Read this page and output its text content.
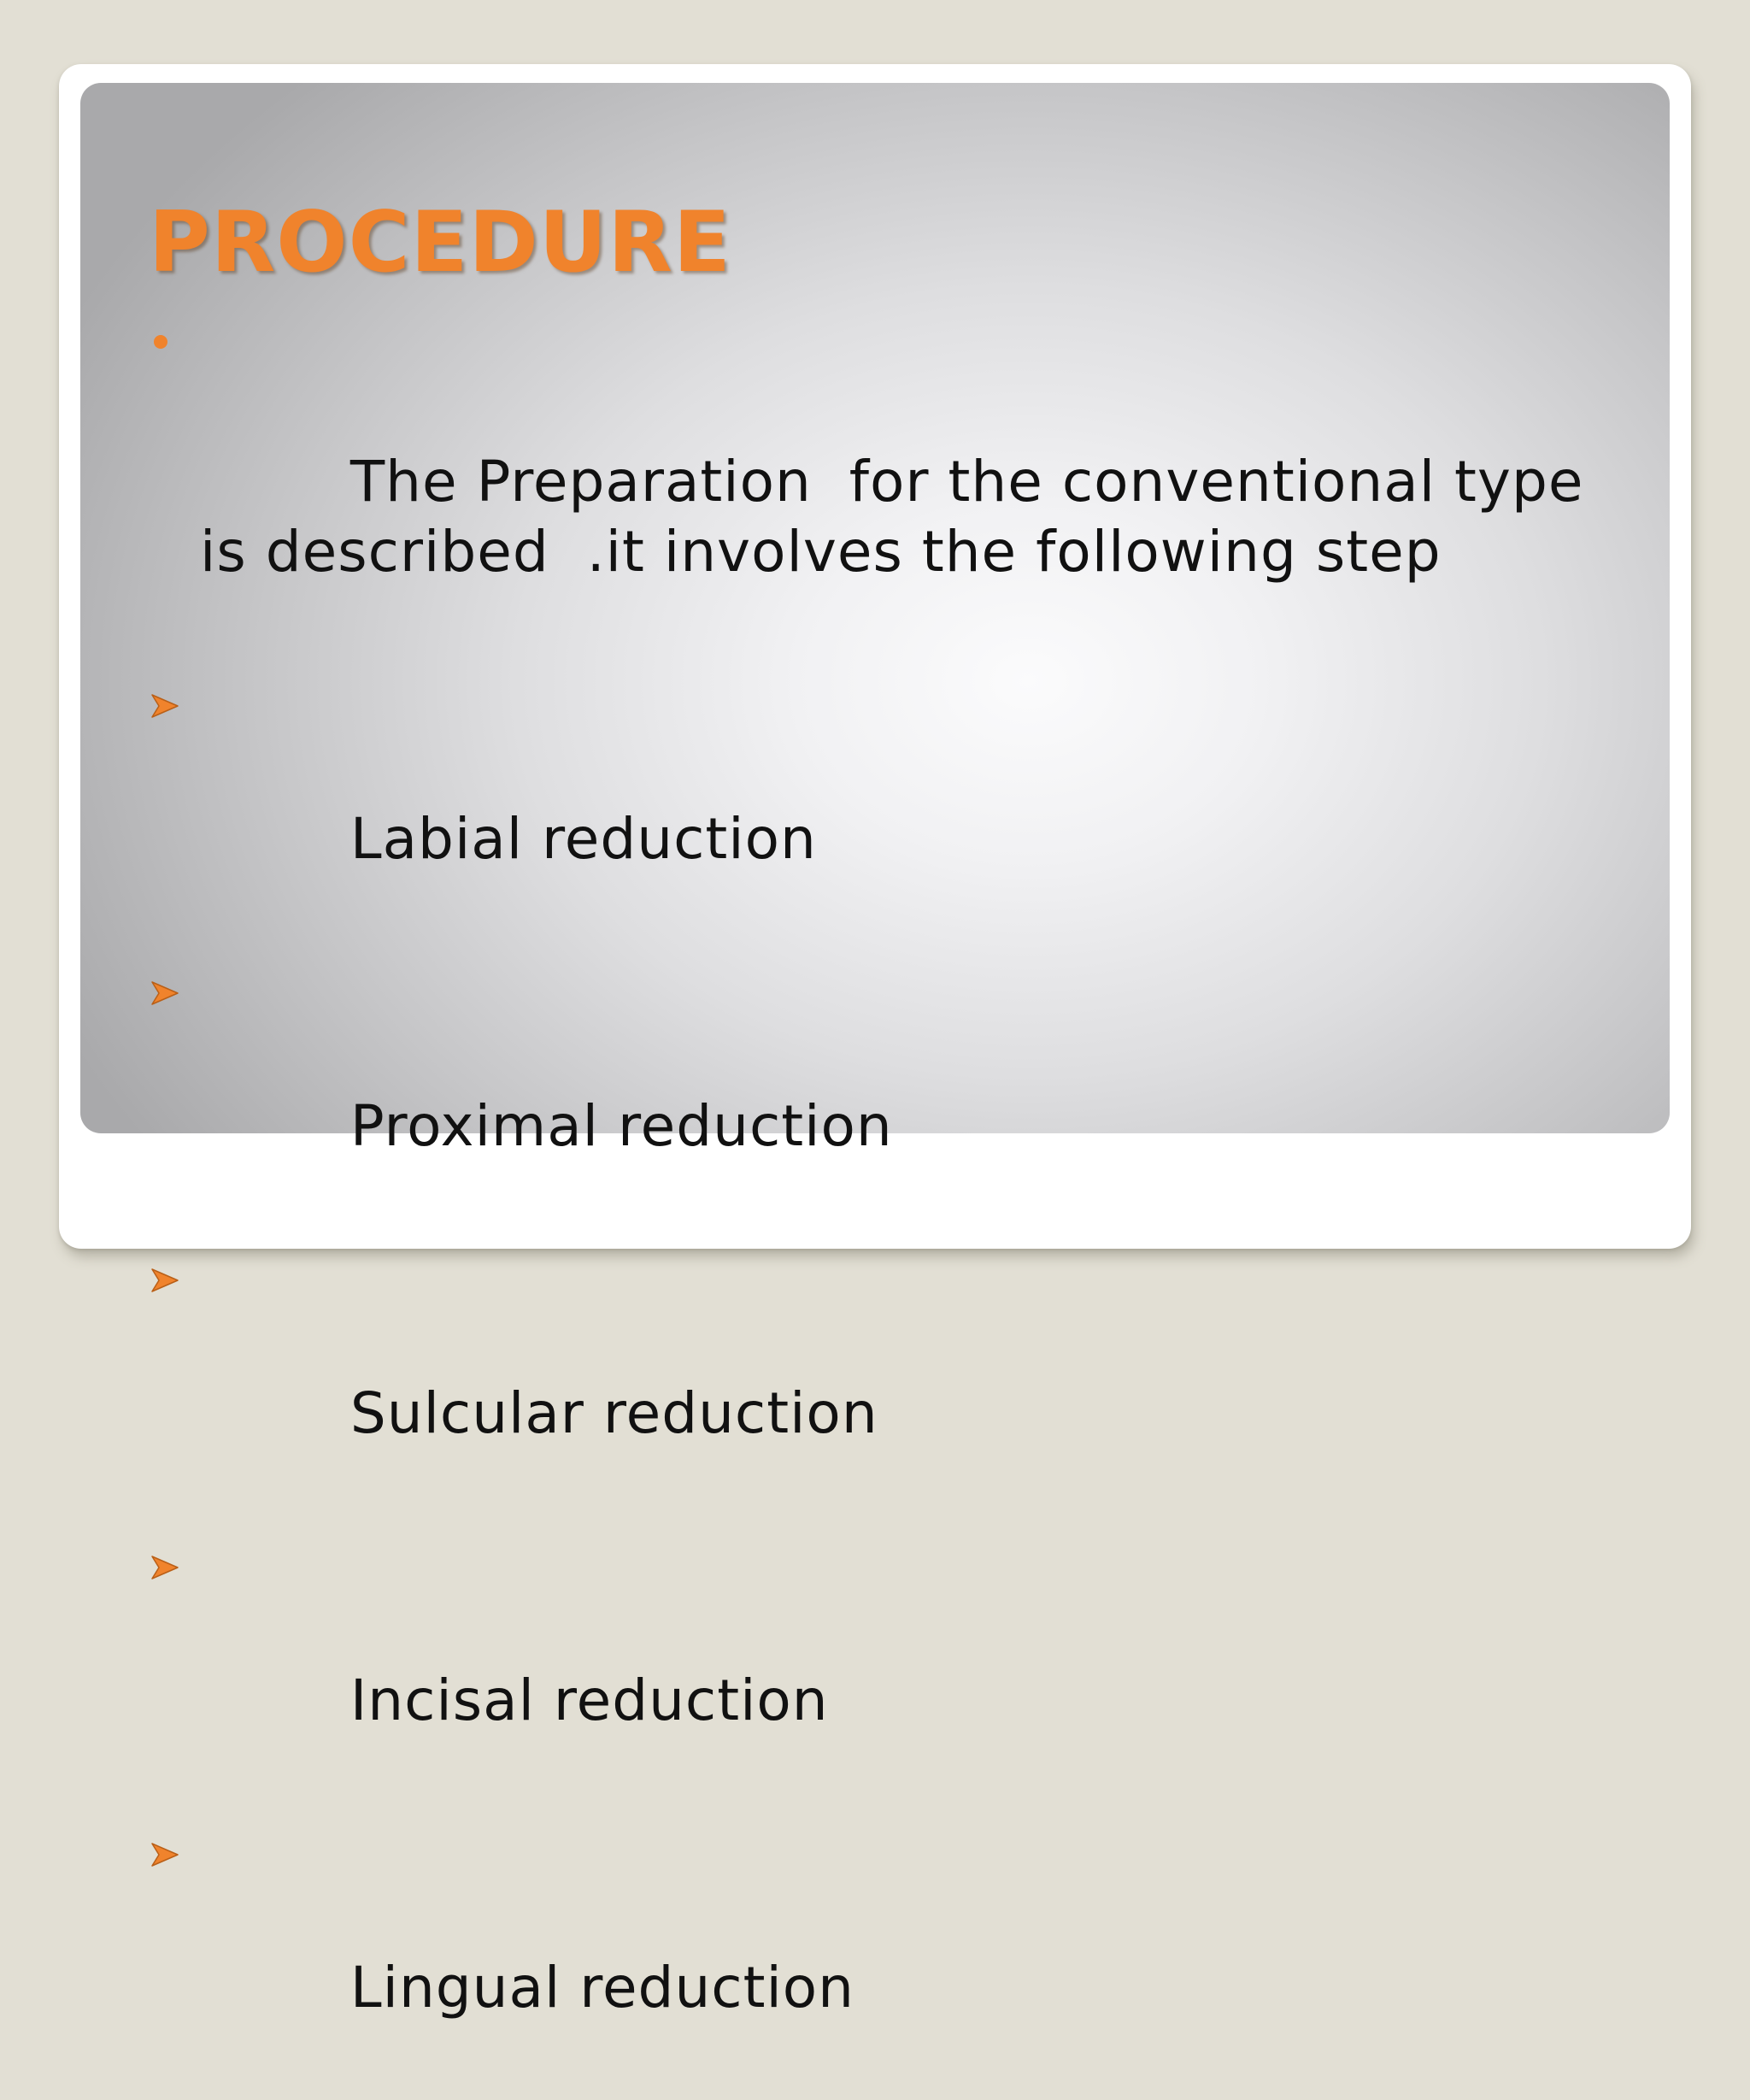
PROCEDURE

The Preparation  for the conventional type is described  .it involves the following step

Labial reduction

Proximal reduction

Sulcular reduction

Incisal reduction

Lingual reduction
